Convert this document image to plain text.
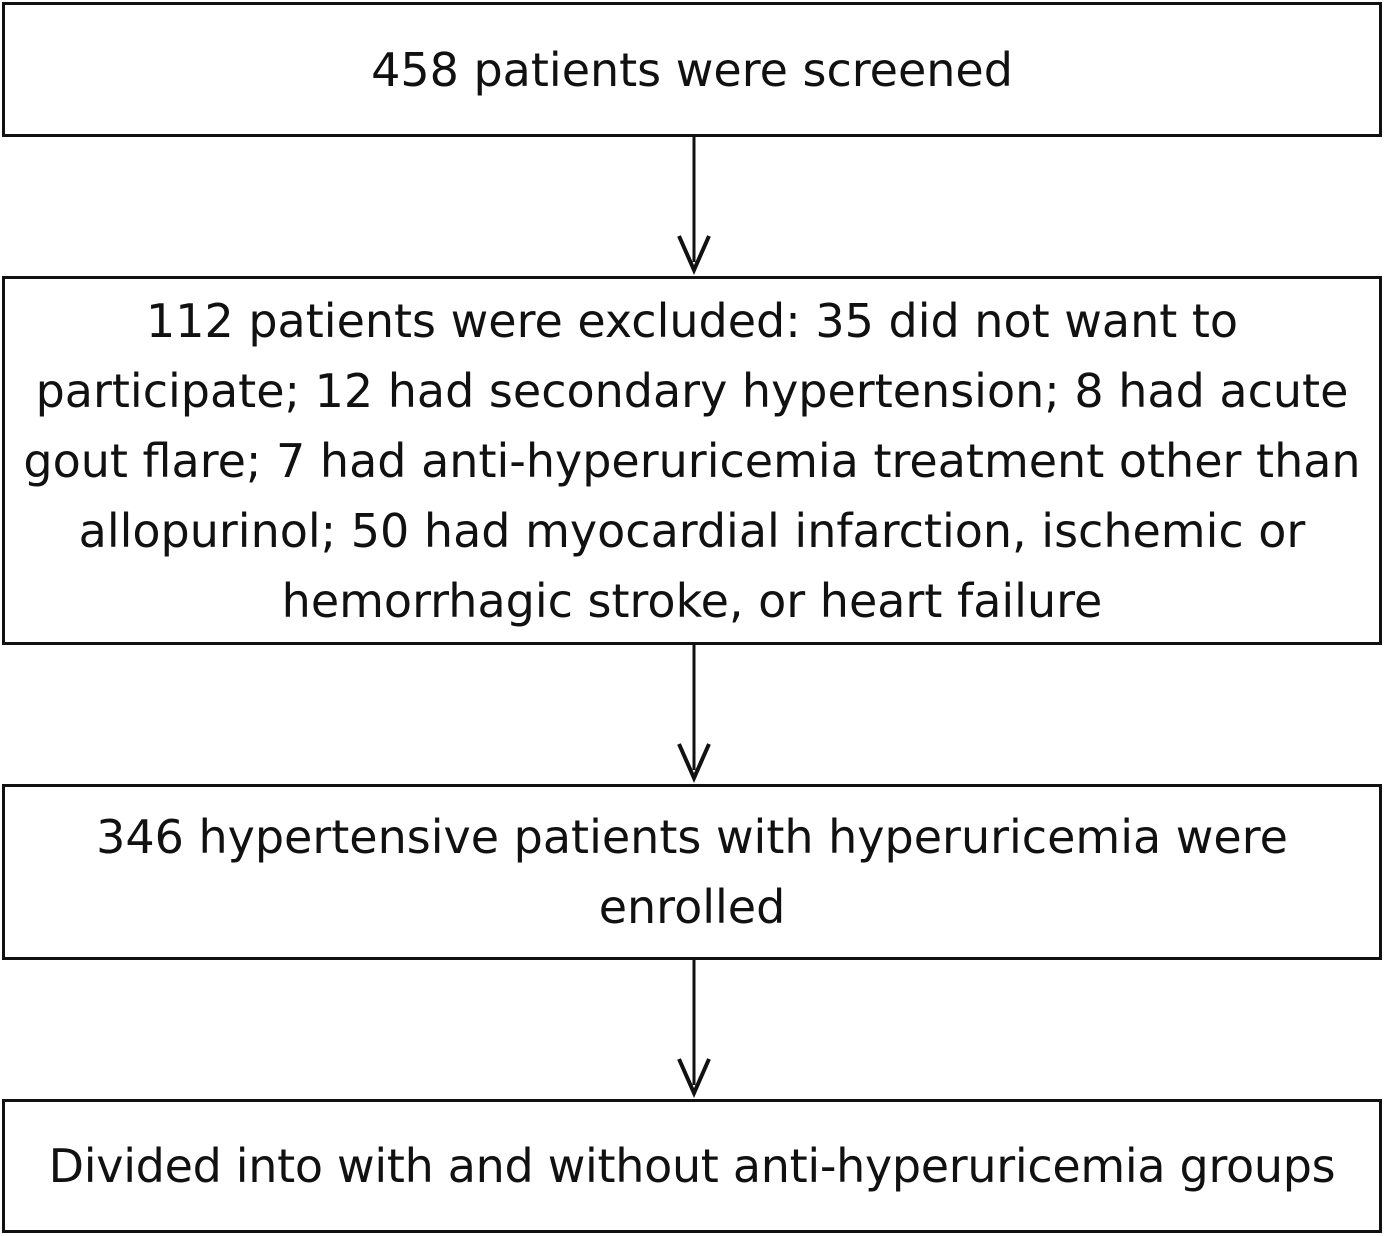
458 patients were screened
112 patients were excluded: 35 did not want to participate; 12 had secondary hypertension; 8 had acute gout flare; 7 had anti-hyperuricemia treatment other than allopurinol; 50 had myocardial infarction, ischemic or hemorrhagic stroke, or heart failure
346 hypertensive patients with hyperuricemia were enrolled
Divided into with and without anti-hyperuricemia groups
